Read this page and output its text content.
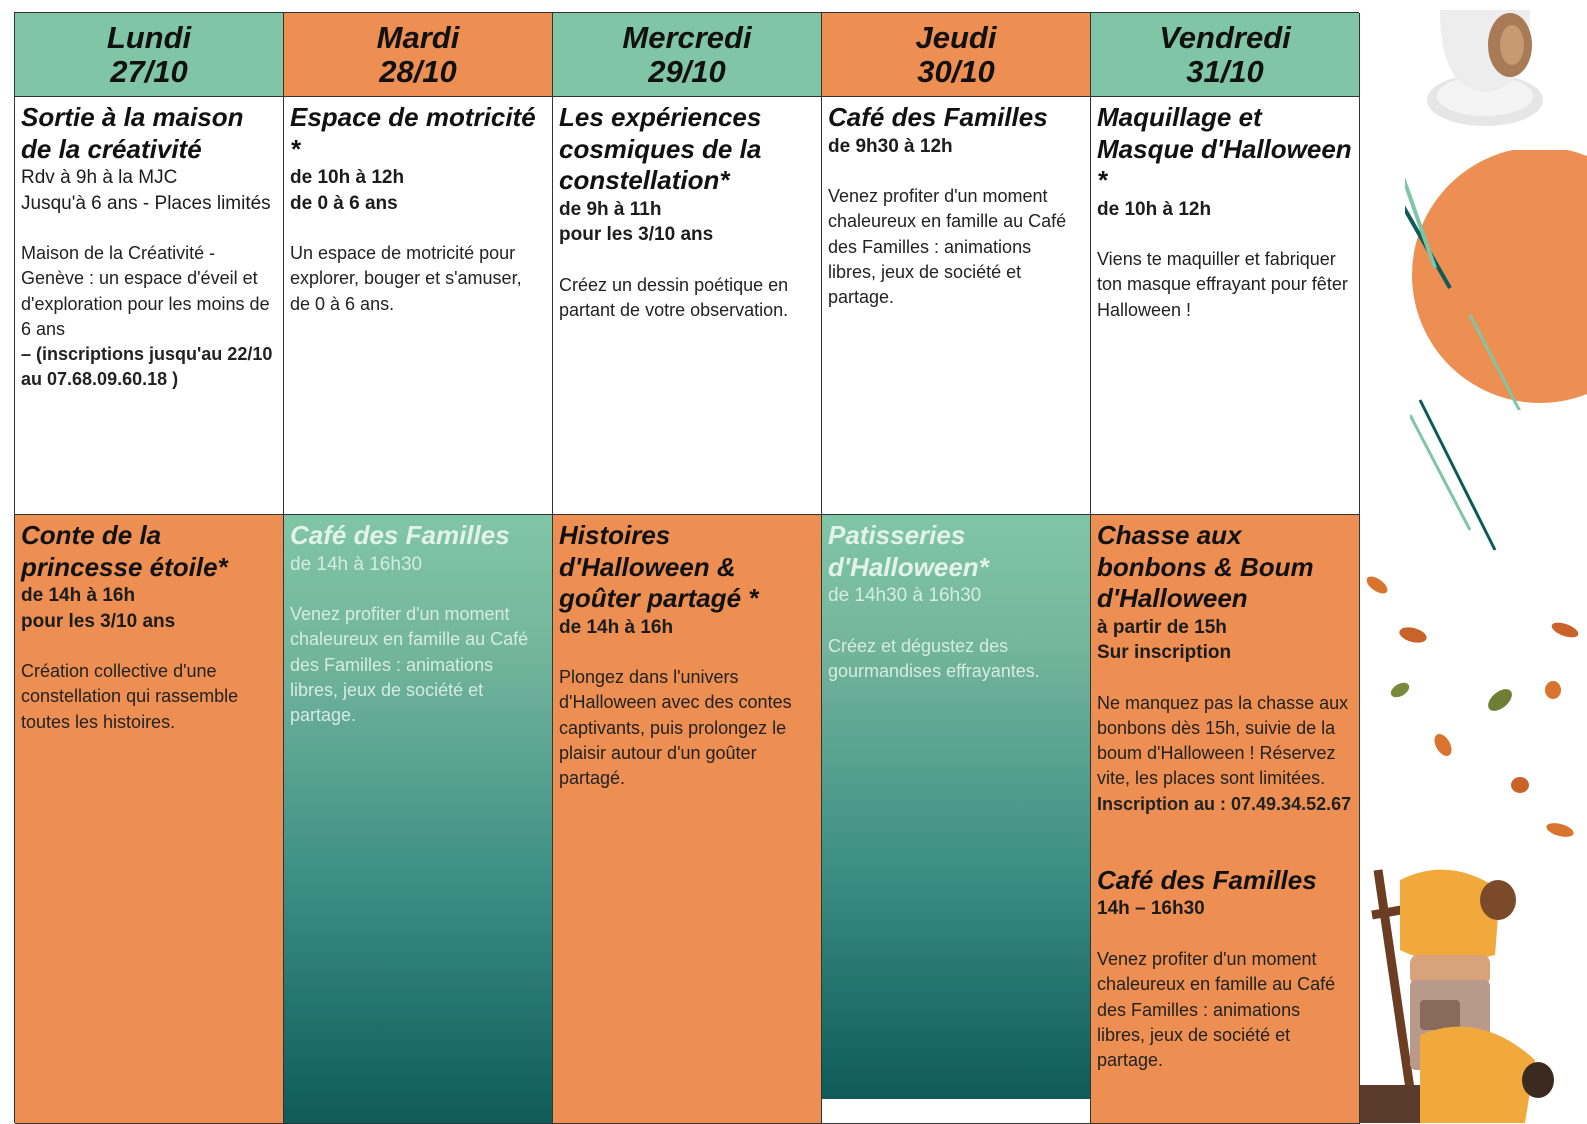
Lundi
27/10
Mardi
28/10
Mercredi
29/10
Jeudi
30/10
Vendredi
31/10
Sortie à la maison de la créativité
Rdv à 9h à la MJC
Jusqu'à 6 ans - Places limités
Maison de la Créativité - Genève : un espace d'éveil et d'exploration pour les moins de 6 ans
– (inscriptions jusqu'au 22/10 au 07.68.09.60.18 )
Espace de motricité *
de 10h à 12h
de 0 à 6 ans
Un espace de motricité pour explorer, bouger et s'amuser, de 0 à 6 ans.
Les expériences cosmiques de la constellation*
de 9h à 11h
pour les 3/10 ans
Créez un dessin poétique en partant de votre observation.
Café des Familles
de 9h30 à 12h
Venez profiter d'un moment chaleureux en famille au Café des Familles : animations libres, jeux de société et partage.
Maquillage et Masque d'Halloween *
de 10h à 12h
Viens te maquiller et fabriquer ton masque effrayant pour fêter Halloween !
Conte de la princesse étoile*
de 14h à 16h
pour les 3/10 ans
Création collective d'une constellation qui rassemble toutes les histoires.
Café des Familles
de 14h à 16h30
Venez profiter d'un moment chaleureux en famille au Café des Familles : animations libres, jeux de société et partage.
Histoires d'Halloween & goûter partagé *
de 14h à 16h
Plongez dans l'univers d'Halloween avec des contes captivants, puis prolongez le plaisir autour d'un goûter partagé.
Patisseries d'Halloween*
de 14h30 à 16h30
Créez et dégustez des gourmandises effrayantes.
Chasse aux bonbons & Boum d'Halloween
à partir de 15h
Sur inscription
Ne manquez pas la chasse aux bonbons dès 15h, suivie de la boum d'Halloween ! Réservez vite, les places sont limitées. Inscription au : 07.49.34.52.67
Café des Familles
14h – 16h30
Venez profiter d'un moment chaleureux en famille au Café des Familles : animations libres, jeux de société et partage.
